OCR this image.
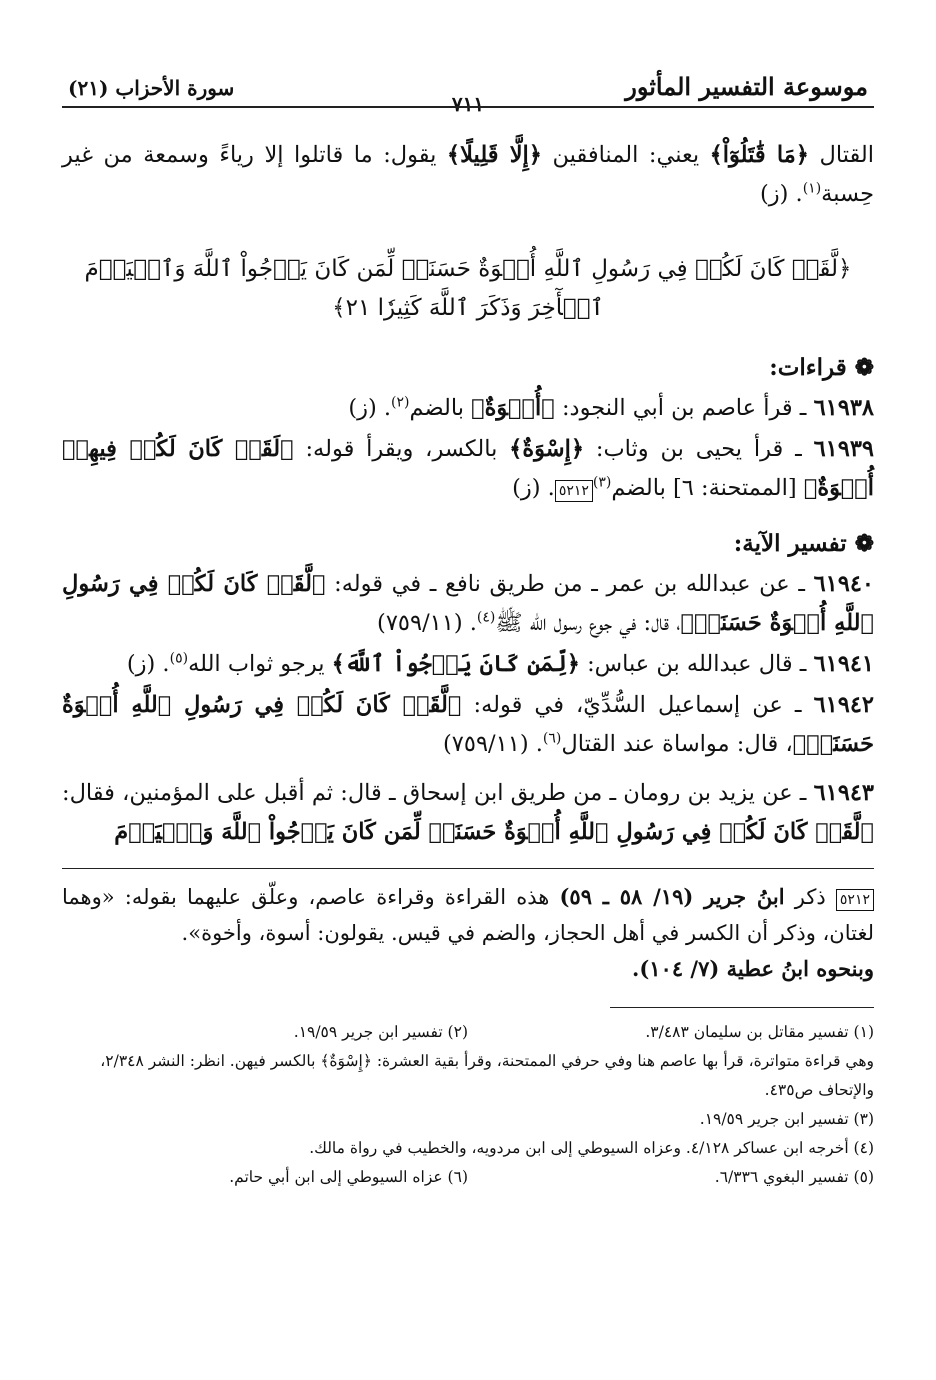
موسوعة التفسير المأثور
٧١١
سورة الأحزاب (٢١)

القتال ﴿مَا قَٰتَلُوٓاْ﴾ يعني: المنافقين ﴿إِلَّا قَلِيلًا﴾ يقول: ما قاتلوا إلا رياءً وسمعة من غير حِسبة$^{(١)}$. (ز)

﴿لَّقَدۡ كَانَ لَكُمۡ فِي رَسُولِ ٱللَّهِ أُسۡوَةٌ حَسَنَةٞ لِّمَن كَانَ يَرۡجُواْ ٱللَّهَ وَٱلۡيَوۡمَ ٱلۡأٓخِرَ وَذَكَرَ ٱللَّهَ كَثِيرٗا ٢١﴾

❁ قراءات:

٦١٩٣٨ ـ قرأ عاصم بن أبي النجود: ﴿أُسۡوَةٌ﴾ بالضم$^{(٢)}$. (ز)

٦١٩٣٩ ـ قرأ يحيى بن وثاب: ﴿إِسْوَةٌ﴾ بالكسر، ويقرأ قوله: ﴿لَقَدۡ كَانَ لَكُمۡ فِيهِمۡ أُسۡوَةٌ﴾ [الممتحنة: ٦] بالضم$^{(٣)}$٥٢١٢. (ز)

❁ تفسير الآية:

٦١٩٤٠ ـ عن عبدالله بن عمر ـ من طريق نافع ـ في قوله: ﴿لَّقَدۡ كَانَ لَكُمۡ فِي رَسُولِ ٱللَّهِ أُسۡوَةٌ حَسَنَةٞ﴾، قال: في جوع رسول الله ﷺ$^{(٤)}$. (٧٥٩/١١)

٦١٩٤١ ـ قال عبدالله بن عباس: ﴿لِّمَن كَانَ يَرۡجُواْ ٱللَّهَ﴾ يرجو ثواب الله$^{(٥)}$. (ز)

٦١٩٤٢ ـ عن إسماعيل السُّدِّيّ، في قوله: ﴿لَّقَدۡ كَانَ لَكُمۡ فِي رَسُولِ ٱللَّهِ أُسۡوَةٌ حَسَنَةٞ﴾، قال: مواساة عند القتال$^{(٦)}$. (٧٥٩/١١)

٦١٩٤٣ ـ عن يزيد بن رومان ـ من طريق ابن إسحاق ـ قال: ثم أقبل على المؤمنين، فقال: ﴿لَّقَدۡ كَانَ لَكُمۡ فِي رَسُولِ ٱللَّهِ أُسۡوَةٌ حَسَنَةٞ لِّمَن كَانَ يَرۡجُواْ ٱللَّهَ وَٱلۡيَوۡمَ

٥٢١٢ ذكر ابنُ جرير (١٩/ ٥٨ ـ ٥٩) هذه القراءة وقراءة عاصم، وعلّق عليهما بقوله: «وهما لغتان، وذكر أن الكسر في أهل الحجاز، والضم في قيس. يقولون: أسوة، وأخوة».

وبنحوه ابنُ عطية (٧/ ١٠٤).

(١) تفسير مقاتل بن سليمان ٣/٤٨٣.
(٢) تفسير ابن جرير ١٩/٥٩.

وهي قراءة متواترة، قرأ بها عاصم هنا وفي حرفي الممتحنة، وقرأ بقية العشرة: ﴿إِسْوَةٌ﴾ بالكسر فيهن. انظر: النشر ٢/٣٤٨، والإتحاف ص٤٣٥.

(٣) تفسير ابن جرير ١٩/٥٩.

(٤) أخرجه ابن عساكر ٤/١٢٨. وعزاه السيوطي إلى ابن مردويه، والخطيب في رواة مالك.

(٥) تفسير البغوي ٦/٣٣٦.
(٦) عزاه السيوطي إلى ابن أبي حاتم.
